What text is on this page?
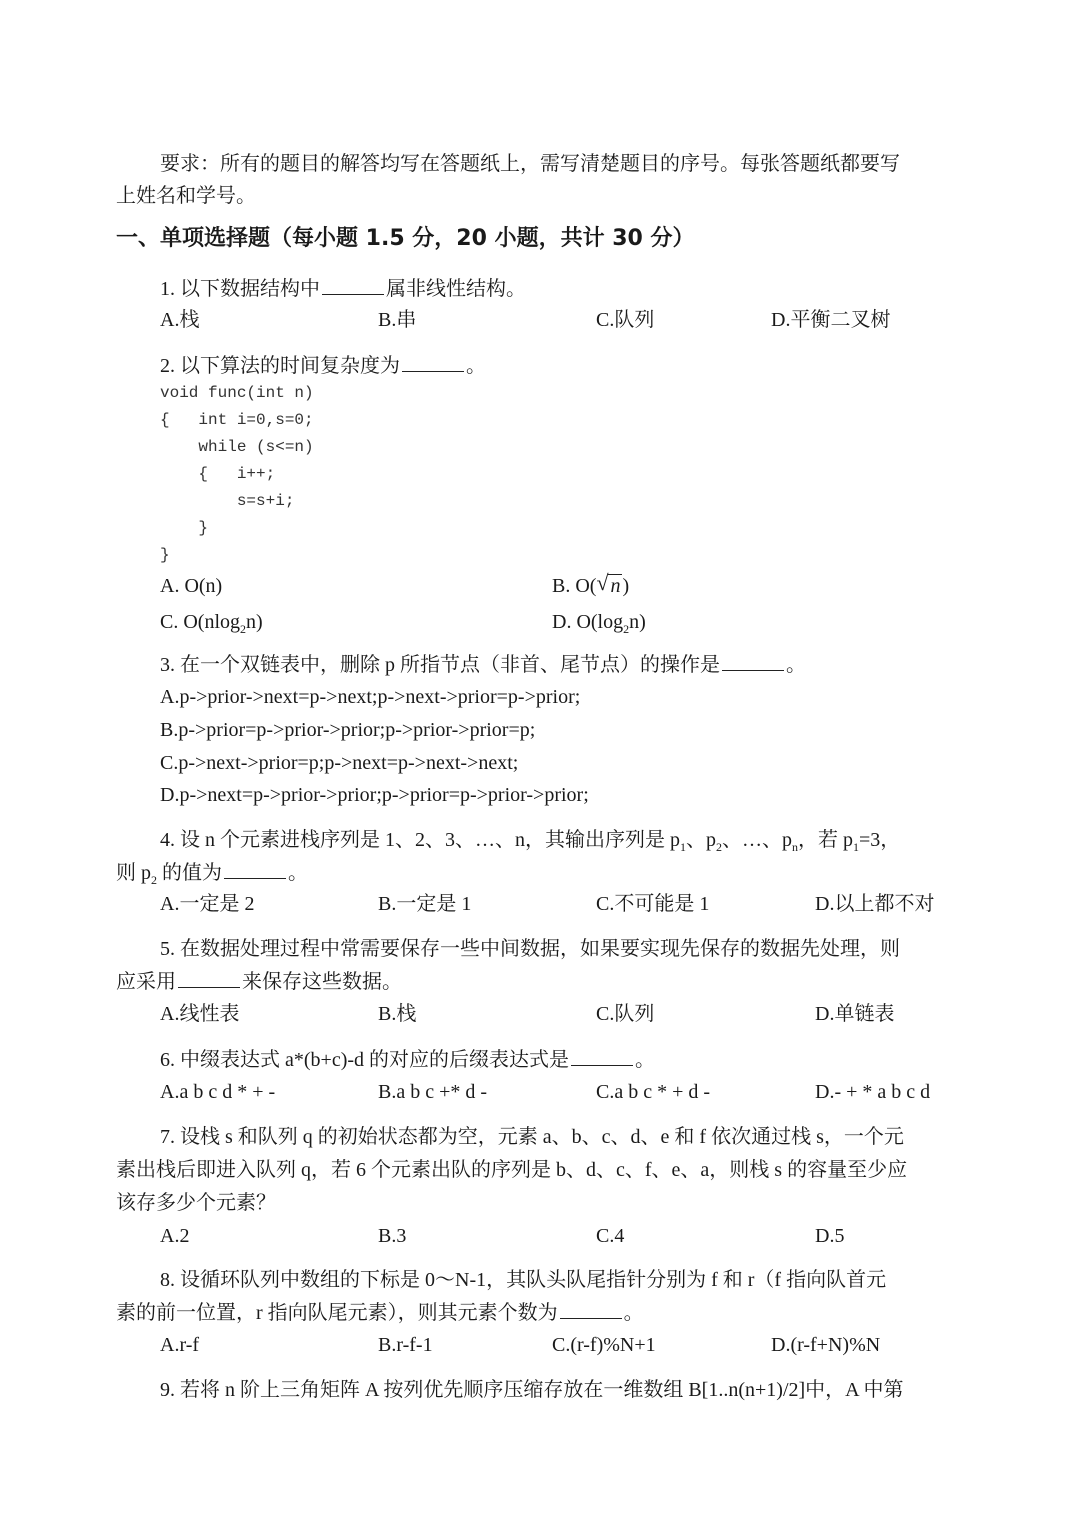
要求：所有的题目的解答均写在答题纸上，需写清楚题目的序号。每张答题纸都要写
上姓名和学号。
一、单项选择题（每小题 1.5 分，20 小题，共计 30 分）
1. 以下数据结构中	属非线性结构。
A.栈	B.串	C.队列	D.平衡二叉树
2. 以下算法的时间复杂度为	。
void func(int n)
{   int i=0,s=0;
while (s<=n)
{   i++;
s=s+i;
}
}
A. O(n)	B. O( √ n )
C. O(nlog$_2$n)	D. $O(\log_2n)$
3. 在一个双链表中，删除 p 所指节点（非首、尾节点）的操作是	。
A.p->prior->next=p->next;p->next->prior=p->prior;
B.p->prior=p->prior->prior;p->prior->prior=p;
C.p->next->prior=p;p->next=p->next->next;
D.p->next=p->prior->prior;p->prior=p->prior->prior;
4. 设 n 个元素进栈序列是 1、2、3、…、n，其输出序列是 $p_1$、$p_2$、…、$p_n$，若 $p_1=3$，
则 $p_2$ 的值为	。
A.一定是 2	B.一定是 1	C.不可能是 1	D.以上都不对
5. 在数据处理过程中常需要保存一些中间数据，如果要实现先保存的数据先处理，则
应采用	来保存这些数据。
A.线性表	B.栈	C.队列	D.单链表
6. 中缀表达式 a*(b+c)-d 的对应的后缀表达式是	。
A.a b c d * + -	B.a b c +* d -	C.a b c * + d -	D.- + * a b c d
7. 设栈 s 和队列 q 的初始状态都为空，元素 a、b、c、d、e 和 f 依次通过栈 s，一个元
素出栈后即进入队列 q，若 6 个元素出队的序列是 b、d、c、f、e、a，则栈 s 的容量至少应
该存多少个元素？
A.2	B.3	C.4	D.5
8. 设循环队列中数组的下标是 0～N-1，其队头队尾指针分别为 f 和 r（f 指向队首元
素的前一位置，r 指向队尾元素），则其元素个数为	。
A.r-f	B.r-f-1	C.(r-f)%N+1	D.(r-f+N)%N
9. 若将 n 阶上三角矩阵 A 按列优先顺序压缩存放在一维数组 B[1..n(n+1)/2]中，A 中第
